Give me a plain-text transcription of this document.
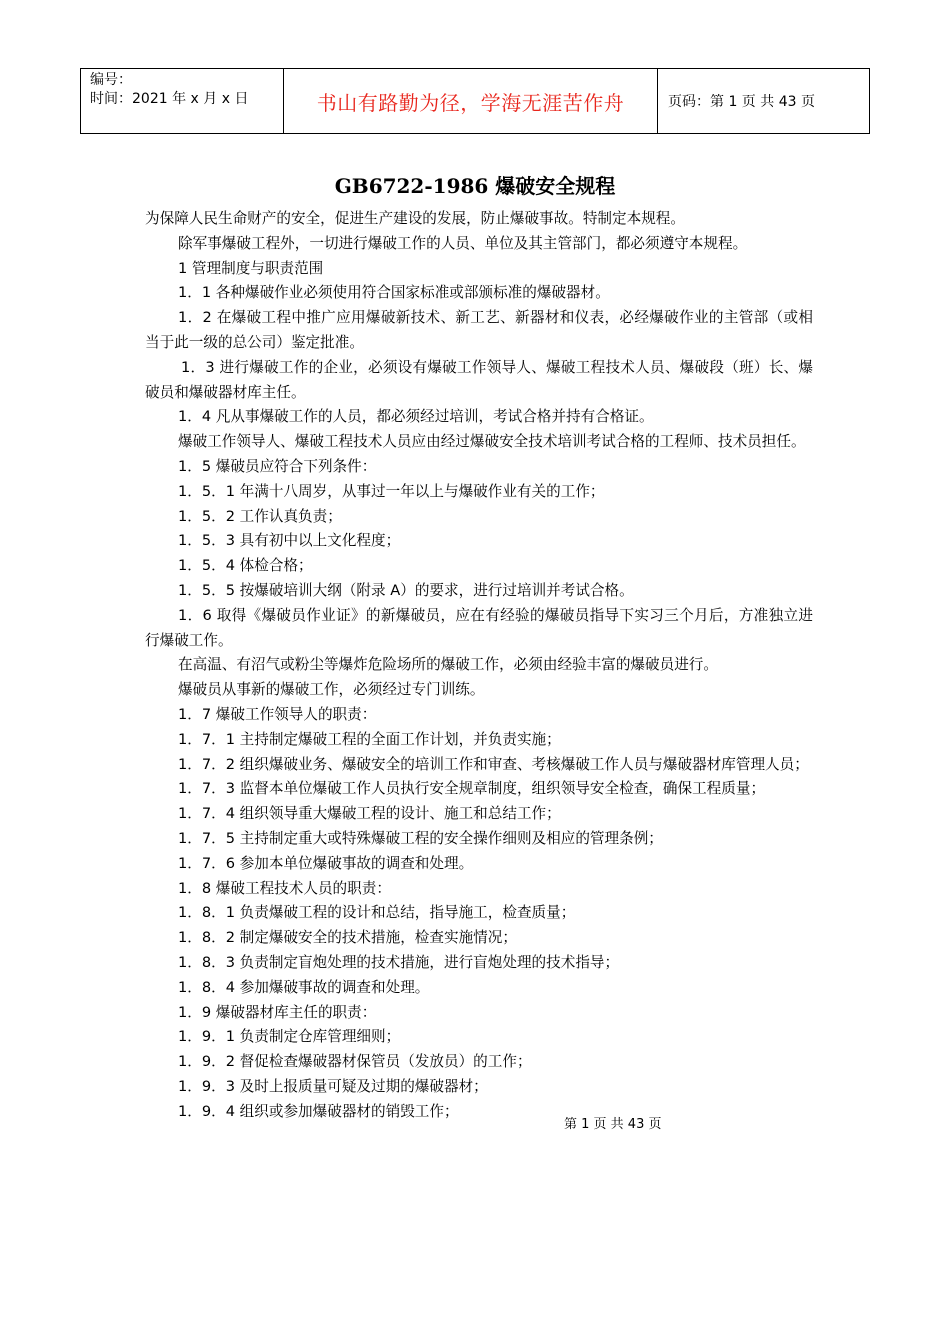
编号：
时间：2021 年 x 月 x 日	书山有路勤为径，学海无涯苦作舟	页码：第 1 页 共 43 页
GB6722-1986 爆破安全规程

为保障人民生命财产的安全，促进生产建设的发展，防止爆破事故。特制定本规程。

除军事爆破工程外，一切进行爆破工作的人员、单位及其主管部门，都必须遵守本规程。

1 管理制度与职责范围

1．1 各种爆破作业必须使用符合国家标准或部颁标准的爆破器材。

1．2 在爆破工程中推广应用爆破新技术、新工艺、新器材和仪表，必经爆破作业的主管部（或相当于此一级的总公司）鉴定批准。

1．3 进行爆破工作的企业，必须设有爆破工作领导人、爆破工程技术人员、爆破段（班）长、爆破员和爆破器材库主任。

1．4 凡从事爆破工作的人员，都必须经过培训，考试合格并持有合格证。

爆破工作领导人、爆破工程技术人员应由经过爆破安全技术培训考试合格的工程师、技术员担任。

1．5 爆破员应符合下列条件：

1．5．1 年满十八周岁，从事过一年以上与爆破作业有关的工作；

1．5．2 工作认真负责；

1．5．3 具有初中以上文化程度；

1．5．4 体检合格；

1．5．5 按爆破培训大纲（附录 A）的要求，进行过培训并考试合格。

1．6 取得《爆破员作业证》的新爆破员，应在有经验的爆破员指导下实习三个月后，方准独立进行爆破工作。

在高温、有沼气或粉尘等爆炸危险场所的爆破工作，必须由经验丰富的爆破员进行。

爆破员从事新的爆破工作，必须经过专门训练。

1．7 爆破工作领导人的职责：

1．7．1 主持制定爆破工程的全面工作计划，并负责实施；

1．7．2 组织爆破业务、爆破安全的培训工作和审查、考核爆破工作人员与爆破器材库管理人员；

1．7．3 监督本单位爆破工作人员执行安全规章制度，组织领导安全检查，确保工程质量；

1．7．4 组织领导重大爆破工程的设计、施工和总结工作；

1．7．5 主持制定重大或特殊爆破工程的安全操作细则及相应的管理条例；

1．7．6 参加本单位爆破事故的调查和处理。

1．8 爆破工程技术人员的职责：

1．8．1 负责爆破工程的设计和总结，指导施工，检查质量；

1．8．2 制定爆破安全的技术措施，检查实施情况；

1．8．3 负责制定盲炮处理的技术措施，进行盲炮处理的技术指导；

1．8．4 参加爆破事故的调查和处理。

1．9 爆破器材库主任的职责：

1．9．1 负责制定仓库管理细则；

1．9．2 督促检查爆破器材保管员（发放员）的工作；

1．9．3 及时上报质量可疑及过期的爆破器材；

1．9．4 组织或参加爆破器材的销毁工作；

第 1 页 共 43 页
